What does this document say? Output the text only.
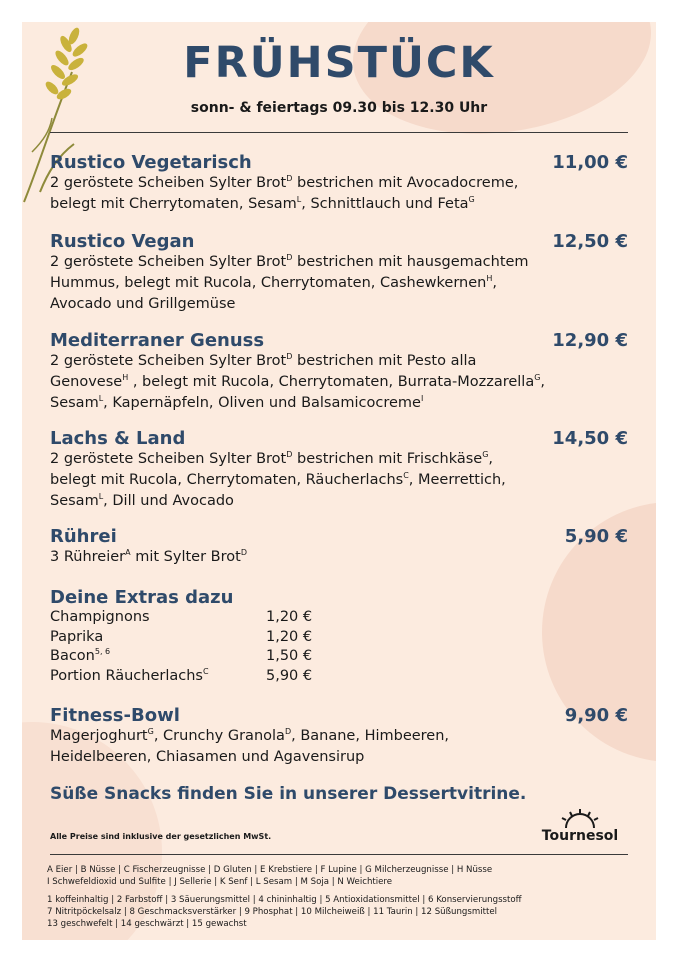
FRÜHSTÜCK
sonn- & feiertags 09.30 bis 12.30 Uhr
Rustico Vegetarisch	11,00 €
2 geröstete Scheiben Sylter Brot$^D$ bestrichen mit Avocadocreme,
belegt mit Cherrytomaten, Sesam$^L$, Schnittlauch und Feta$^G$
Rustico Vegan	12,50 €
2 geröstete Scheiben Sylter Brot$^D$ bestrichen mit hausgemachtem
Hummus, belegt mit Rucola, Cherrytomaten, Cashewkernen$^H$,
Avocado und Grillgemüse
Mediterraner Genuss	12,90 €
2 geröstete Scheiben Sylter Brot$^D$ bestrichen mit Pesto alla
Genovese$^H$ , belegt mit Rucola, Cherrytomaten, Burrata-Mozzarella$^G$,
Sesam$^L$, Kapernäpfeln, Oliven und Balsamicocreme$^I$
Lachs & Land	14,50 €
2 geröstete Scheiben Sylter Brot$^D$ bestrichen mit Frischkäse$^G$,
belegt mit Rucola, Cherrytomaten, Räucherlachs$^C$, Meerrettich,
Sesam$^L$, Dill und Avocado
Rührei	5,90 €
3 Rühreier$^A$ mit Sylter Brot$^D$
Deine Extras dazu
Champignons	1,20 €
Paprika	1,20 €
Bacon$^{5, 6}$	1,50 €
Portion Räucherlachs$^C$	5,90 €
Fitness-Bowl	9,90 €
Magerjoghurt$^G$, Crunchy Granola$^D$, Banane, Himbeeren,
Heidelbeeren, Chiasamen und Agavensirup
Süße Snacks finden Sie in unserer Dessertvitrine.
Alle Preise sind inklusive der gesetzlichen MwSt.	Tournesol
A Eier | B Nüsse | C Fischerzeugnisse | D Gluten | E Krebstiere | F Lupine | G Milcherzeugnisse | H Nüsse
I Schwefeldioxid und Sulfite | J Sellerie | K Senf | L Sesam | M Soja | N Weichtiere
1 koffeinhaltig | 2 Farbstoff | 3 Säuerungsmittel | 4 chininhaltig | 5 Antioxidationsmittel | 6 Konservierungsstoff
7 Nitritpöckelsalz | 8 Geschmacksverstärker | 9 Phosphat | 10 Milcheiweiß | 11 Taurin | 12 Süßungsmittel
13 geschwefelt | 14 geschwärzt | 15 gewachst
